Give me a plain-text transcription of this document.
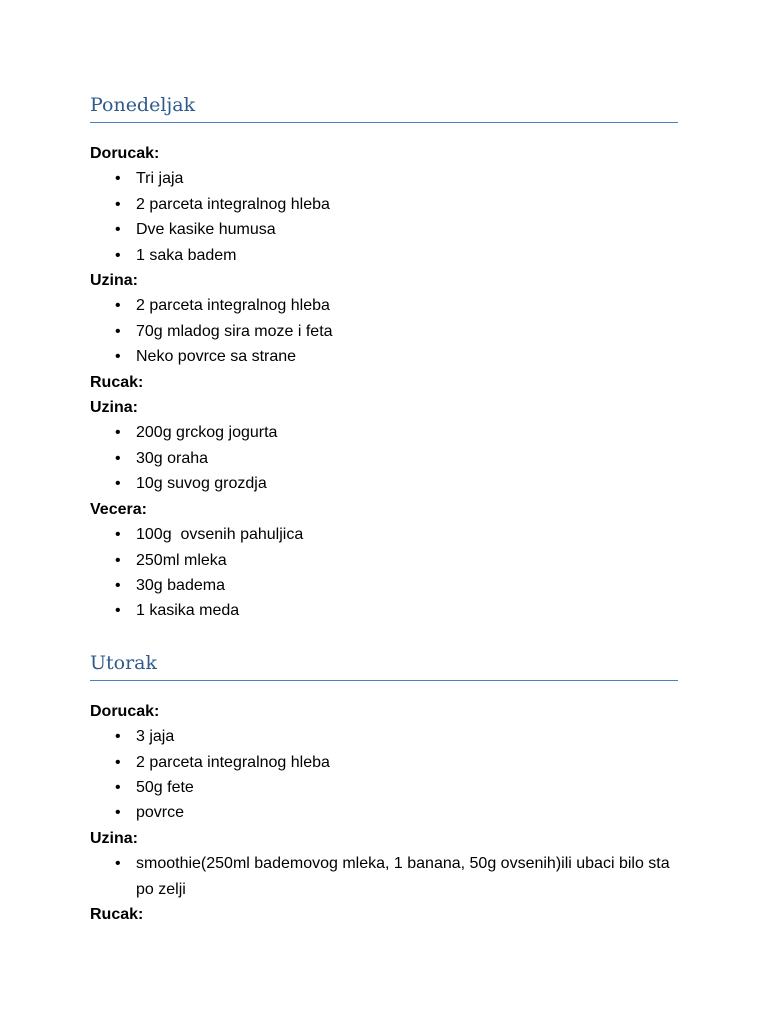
Ponedeljak

Dorucak:

• Tri jaja
• 2 parceta integralnog hleba
• Dve kasike humusa
• 1 saka badem

Uzina:

• 2 parceta integralnog hleba
• 70g mladog sira moze i feta
• Neko povrce sa strane

Rucak:

Uzina:

• 200g grckog jogurta
• 30g oraha
• 10g suvog grozdja

Vecera:

• 100g  ovsenih pahuljica
• 250ml mleka
• 30g badema
• 1 kasika meda
Utorak

Dorucak:

• 3 jaja
• 2 parceta integralnog hleba
• 50g fete
• povrce

Uzina:

• smoothie(250ml bademovog mleka, 1 banana, 50g ovsenih)ili ubaci bilo sta po zelji

Rucak:
